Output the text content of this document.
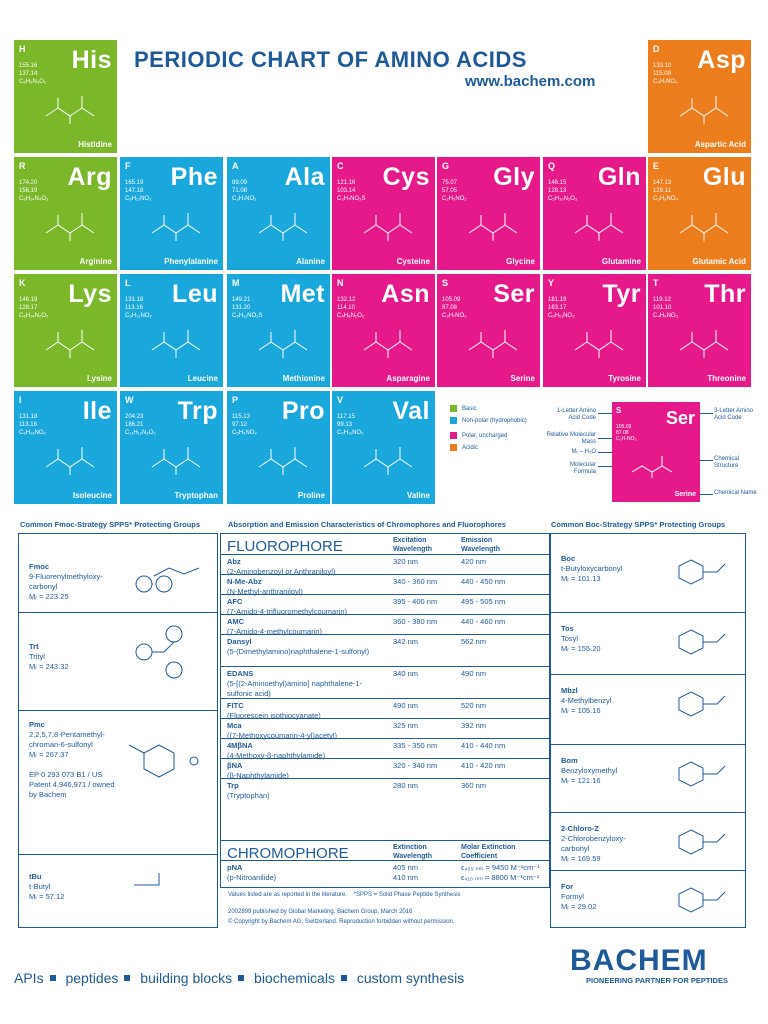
PERIODIC CHART OF AMINO ACIDS
www.bachem.com
H His
155.16
137.14
C₆H₉N₃O₂
Histidine
D Asp
133.10
115.09
C₄H₇NO₄
Aspartic Acid
R Arg
174.20
156.19
C₆H₁₄N₄O₂
Arginine
F Phe
165.19
147.18
C₉H₁₁NO₂
Phenylalanine
A Ala
89.09
71.08
C₃H₇NO₂
Alanine
C Cys
121.16
103.14
C₃H₇NO₂S
Cysteine
G Gly
75.07
57.05
C₂H₅NO₂
Glycine
Q Gln
146.15
128.13
C₅H₁₀N₂O₃
Glutamine
E Glu
147.13
129.11
C₅H₉NO₄
Glutamic Acid
K Lys
146.19
128.17
C₆H₁₄N₂O₂
Lysine
L Leu
131.18
113.16
C₆H₁₃NO₂
Leucine
M Met
149.21
131.20
C₅H₁₁NO₂S
Methionine
N Asn
132.12
114.10
C₄H₈N₂O₃
Asparagine
S Ser
105.09
87.08
C₃H₇NO₃
Serine
Y Tyr
181.19
163.17
C₉H₁₁NO₃
Tyrosine
T Thr
119.12
101.10
C₄H₉NO₃
Threonine
I Ile
131.18
113.16
C₆H₁₃NO₂
Isoleucine
W Trp
204.23
186.21
C₁₁H₁₂N₂O₂
Tryptophan
P Pro
115.13
97.12
C₅H₉NO₂
Proline
V Val
117.15
99.13
C₅H₁₁NO₂
Valine
Basic
Non-polar (hydrophobic)
Polar, uncharged
Acidic
1-Letter Amino Acid Code
Relative Molecular Mass
Mᵣ – H₂O
Molecular Formula
3-Letter Amino Acid Code
Chemical Structure
Chemical Name
S Ser
105.09
87.08
C₃H₇NO₃
Serine
Common Fmoc-Strategy SPPS* Protecting Groups	Absorption and Emission Characteristics of Chromophores and Fluorophores	Common Boc-Strategy SPPS* Protecting Groups
Fmoc
9-Fluorenylmethyloxy-carbonyl
Mᵣ = 223.25
Trt
Trityl
Mᵣ = 243.32
Pmc
2,2,5,7,8-Pentamethyl-chroman-6-sulfonyl
Mᵣ = 267.37

EP 0 293 073 B1 / US Patent 4,946,971 / owned by Bachem
tBu
t-Butyl
Mᵣ = 57.12
FLUOROPHORE	Excitation Wavelength
Emission Wavelength
Abz
(2-Aminobenzoyl or Anthraniloyl)
320 nm	420 nm
N-Me-Abz
(N-Methyl-anthraniloyl)
340 - 360 nm	440 - 450 nm
AFC
(7-Amido-4-trifluoromethylcoumarin)
395 - 400 nm	495 - 505 nm
AMC
(7-Amido-4-methylcoumarin)
360 - 380 nm	440 - 460 nm
Dansyl
(5-(Dimethylamino)naphthalene-1-sulfonyl)
342 nm	562 nm
EDANS
(5-[(2-Aminoethyl)amino] naphthalene-1-sulfonic acid)
340 nm	490 nm
FITC
(Fluorescein isothiocyanate)
490 nm	520 nm
Mca
((7-Methoxycoumarin-4-yl)acetyl)
325 nm	392 nm
4MβNA
(4-Methoxy-β-naphthylamide)
335 - 350 nm	410 - 440 nm
βNA
(β-Naphthylamide)
320 - 340 nm	410 - 420 nm
Trp
(Tryptophan)
280 nm	360 nm
CHROMOPHORE	Extinction Wavelength
Molar Extinction Coefficient
pNA
(p-Nitroanilide)
405 nm
410 nm
ε₄₀₅ ₙₘ = 9450 M⁻¹cm⁻¹
ε₄₁₀ ₙₘ = 8800 M⁻¹cm⁻¹
Values listed are as reported in the literature. *SPPS = Solid Phase Peptide Synthesis
2002899 published by Global Marketing, Bachem Group, March 2016
© Copyright by Bachem AG, Switzerland. Reproduction forbidden without permission.
Boc
t-Butyloxycarbonyl
Mᵣ = 101.13
Tos
Tosyl
Mᵣ = 155.20
Mbzl
4-Methylbenzyl
Mᵣ = 105.16
Bom
Benzyloxymethyl
Mᵣ = 121.16
2-Chloro-Z
2-Chlorobenzyloxy-carbonyl
Mᵣ = 169.59
For
Formyl
Mᵣ = 29.02
APIs peptides building blocks biochemicals custom synthesis
BACHEM
PIONEERING PARTNER FOR PEPTIDES
